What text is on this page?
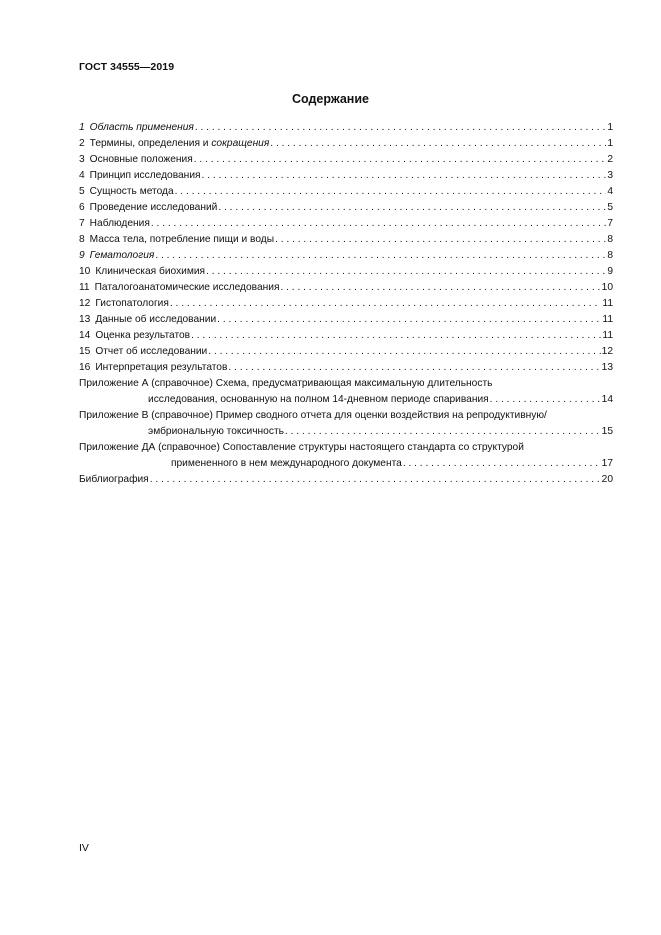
ГОСТ 34555—2019
Содержание
1 Область применения . . .	1
2 Термины, определения и сокращения . . .	1
3 Основные положения . . .	2
4 Принцип исследования . . .	3
5 Сущность метода . . .	4
6 Проведение исследований . . .	5
7 Наблюдения . . .	7
8 Масса тела, потребление пищи и воды . . .	8
9 Гематология . . .	8
10 Клиническая биохимия . . .	9
11 Паталогоанатомические исследования . . .	10
12 Гистопатология . . .	11
13 Данные об исследовании . . .	11
14 Оценка результатов . . .	11
15 Отчет об исследовании . . .	12
16 Интерпретация результатов . . .	13
Приложение А (справочное) Схема, предусматривающая максимальную длительность
исследования, основанную на полном 14-дневном периоде спаривания . . .	14
Приложение В (справочное) Пример сводного отчета для оценки воздействия на репродуктивную/
эмбриональную токсичность . . .	15
Приложение ДА (справочное) Сопоставление структуры настоящего стандарта со структурой
примененного в нем международного документа . . .	17
Библиография . . .	20
IV
